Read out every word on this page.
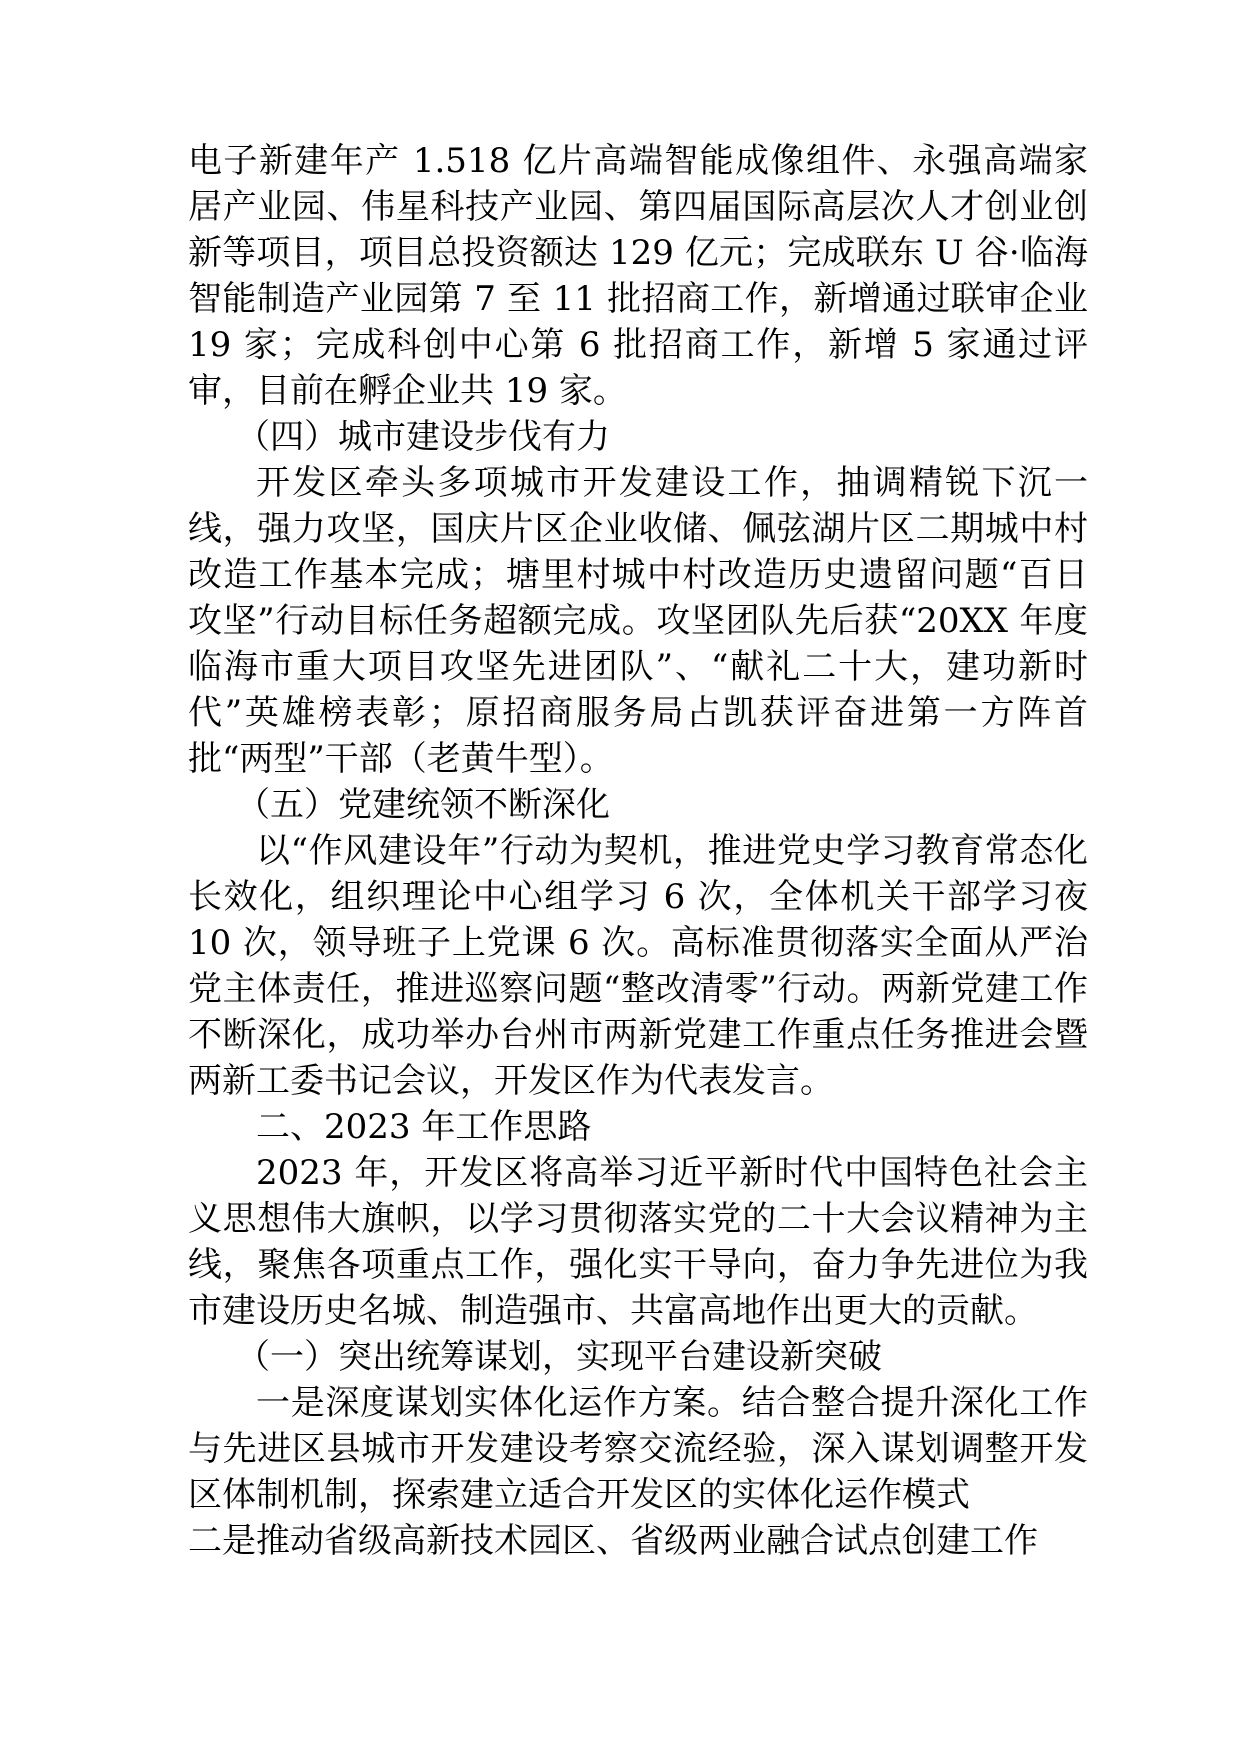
电子新建年产 1.518 亿片高端智能成像组件、永强高端家居产业园、伟星科技产业园、第四届国际高层次人才创业创新等项目，项目总投资额达 129 亿元；完成联东 U 谷·临海智能制造产业园第 7 至 11 批招商工作，新增通过联审企业 19 家；完成科创中心第 6 批招商工作，新增 5 家通过评审，目前在孵企业共 19 家。

（四）城市建设步伐有力

开发区牵头多项城市开发建设工作，抽调精锐下沉一线，强力攻坚，国庆片区企业收储、佩弦湖片区二期城中村改造工作基本完成；塘里村城中村改造历史遗留问题“百日攻坚”行动目标任务超额完成。攻坚团队先后获“20XX 年度临海市重大项目攻坚先进团队”、“献礼二十大，建功新时代”英雄榜表彰；原招商服务局占凯获评奋进第一方阵首批“两型”干部（老黄牛型）。

（五）党建统领不断深化

以“作风建设年”行动为契机，推进党史学习教育常态化长效化，组织理论中心组学习 6 次，全体机关干部学习夜 10 次，领导班子上党课 6 次。高标准贯彻落实全面从严治党主体责任，推进巡察问题“整改清零”行动。两新党建工作不断深化，成功举办台州市两新党建工作重点任务推进会暨两新工委书记会议，开发区作为代表发言。

二、2023 年工作思路

2023 年，开发区将高举习近平新时代中国特色社会主义思想伟大旗帜，以学习贯彻落实党的二十大会议精神为主线，聚焦各项重点工作，强化实干导向，奋力争先进位为我市建设历史名城、制造强市、共富高地作出更大的贡献。

（一）突出统筹谋划，实现平台建设新突破

一是深度谋划实体化运作方案。结合整合提升深化工作与先进区县城市开发建设考察交流经验，深入谋划调整开发区体制机制，探索建立适合开发区的实体化运作模式

二是推动省级高新技术园区、省级两业融合试点创建工作
